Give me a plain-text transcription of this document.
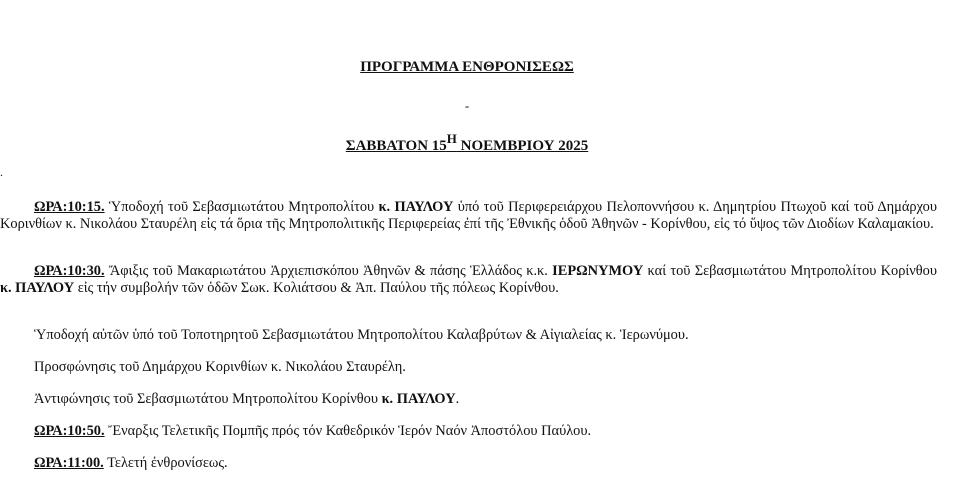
ΠΡΟΓΡΑΜΜΑ ΕΝΘΡΟΝΙΣΕΩΣ
-
ΣΑΒΒΑΤΟΝ $15^H$ ΝΟΕΜΒΡΙΟΥ 2025
.

ΩΡΑ:10:15. Ὑποδοχή τοῦ Σεβασμιωτάτου Μητροπολίτου κ. ΠΑΥΛΟΥ ὑπό τοῦ Περιφερειάρχου Πελοποννήσου κ. Δημητρίου Πτωχοῦ καί τοῦ Δημάρχου Κορινθίων κ. Νικολάου Σταυρέλη εἰς τά ὅρια τῆς Μητροπολιτικῆς Περιφερείας ἐπί τῆς Ἐθνικῆς ὁδοῦ Ἀθηνῶν - Κορίνθου, εἰς τό ὕψος τῶν Διοδίων Καλαμακίου.

ΩΡΑ:10:30. Ἄφιξις τοῦ Μακαριωτάτου Ἀρχιεπισκόπου Ἀθηνῶν & πάσης Ἑλλάδος κ.κ. ΙΕΡΩΝΥΜΟΥ καί τοῦ Σεβασμιωτάτου Μητροπολίτου Κορίνθου κ. ΠΑΥΛΟΥ εἰς τήν συμβολήν τῶν ὁδῶν Σωκ. Κολιάτσου & Ἀπ. Παύλου τῆς πόλεως Κορίνθου.

Ὑποδοχή αὐτῶν ὑπό τοῦ Τοποτηρητοῦ Σεβασμιωτάτου Μητροπολίτου Καλαβρύτων & Αἰγιαλείας κ. Ἱερωνύμου.

Προσφώνησις τοῦ Δημάρχου Κορινθίων κ. Νικολάου Σταυρέλη.

Ἀντιφώνησις τοῦ Σεβασμιωτάτου Μητροπολίτου Κορίνθου κ. ΠΑΥΛΟΥ.

ΩΡΑ:10:50. Ἔναρξις Τελετικῆς Πομπῆς πρός τόν Καθεδρικόν Ἱερόν Ναόν Ἀποστόλου Παύλου.

ΩΡΑ:11:00. Τελετή ἐνθρονίσεως.
